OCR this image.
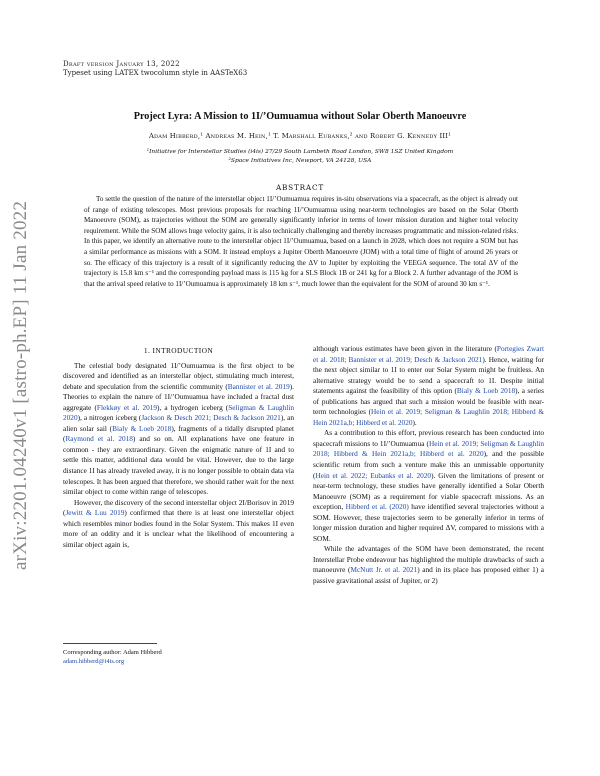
arXiv:2201.04240v1 [astro-ph.EP] 11 Jan 2022
Draft version January 13, 2022
Typeset using LATEX twocolumn style in AASTeX63
Project Lyra: A Mission to 1I/’Oumuamua without Solar Oberth Manoeuvre
Adam Hibberd,¹ Andreas M. Hein,¹ T. Marshall Eubanks,² and Robert G. Kennedy III¹
¹Initiative for Interstellar Studies (i4is) 27/29 South Lambeth Road London, SW8 1SZ United Kingdom
²Space Initiatives Inc, Newport, VA 24128, USA
ABSTRACT
To settle the question of the nature of the interstellar object 1I/’Oumuamua requires in-situ observations via a spacecraft, as the object is already out of range of existing telescopes. Most previous proposals for reaching 1I/’Oumuamua using near-term technologies are based on the Solar Oberth Manoeuvre (SOM), as trajectories without the SOM are generally significantly inferior in terms of lower mission duration and higher total velocity requirement. While the SOM allows huge velocity gains, it is also technically challenging and thereby increases programmatic and mission-related risks. In this paper, we identify an alternative route to the interstellar object 1I/’Oumuamua, based on a launch in 2028, which does not require a SOM but has a similar performance as missions with a SOM. It instead employs a Jupiter Oberth Manoeuvre (JOM) with a total time of flight of around 26 years or so. The efficacy of this trajectory is a result of it significantly reducing the ΔV to Jupiter by exploiting the VEEGA sequence. The total ΔV of the trajectory is 15.8 km s⁻¹ and the corresponding payload mass is 115 kg for a SLS Block 1B or 241 kg for a Block 2. A further advantage of the JOM is that the arrival speed relative to 1I/’Oumuamua is approximately 18 km s⁻¹, much lower than the equivalent for the SOM of around 30 km s⁻¹.
1. INTRODUCTION

The celestial body designated 1I/’Oumuamua is the first object to be discovered and identified as an interstellar object, stimulating much interest, debate and speculation from the scientific community (Bannister et al. 2019). Theories to explain the nature of 1I/’Oumuamua have included a fractal dust aggregate (Flekkøy et al. 2019), a hydrogen iceberg (Seligman & Laughlin 2020), a nitrogen iceberg (Jackson & Desch 2021; Desch & Jackson 2021), an alien solar sail (Bialy & Loeb 2018), fragments of a tidally disrupted planet (Raymond et al. 2018) and so on. All explanations have one feature in common - they are extraordinary. Given the enigmatic nature of 1I and to settle this matter, additional data would be vital. However, due to the large distance 1I has already traveled away, it is no longer possible to obtain data via telescopes. It has been argued that therefore, we should rather wait for the next similar object to come within range of telescopes.

However, the discovery of the second interstellar object 2I/Borisov in 2019 (Jewitt & Luu 2019) confirmed that there is at least one interstellar object which resembles minor bodies found in the Solar System. This makes 1I even more of an oddity and it is unclear what the likelihood of encountering a similar object again is,

although various estimates have been given in the literature (Portegies Zwart et al. 2018; Bannister et al. 2019; Desch & Jackson 2021). Hence, waiting for the next object similar to 1I to enter our Solar System might be fruitless. An alternative strategy would be to send a spacecraft to 1I. Despite initial statements against the feasibility of this option (Bialy & Loeb 2018), a series of publications has argued that such a mission would be feasible with near-term technologies (Hein et al. 2019; Seligman & Laughlin 2018; Hibberd & Hein 2021a,b; Hibberd et al. 2020).

As a contribution to this effort, previous research has been conducted into spacecraft missions to 1I/’Oumuamua (Hein et al. 2019; Seligman & Laughlin 2018; Hibberd & Hein 2021a,b; Hibberd et al. 2020), and the possible scientific return from such a venture make this an unmissable opportunity (Hein et al. 2022; Eubanks et al. 2020). Given the limitations of present or near-term technology, these studies have generally identified a Solar Oberth Manoeuvre (SOM) as a requirement for viable spacecraft missions. As an exception, Hibberd et al. (2020) have identified several trajectories without a SOM. However, these trajectories seem to be generally inferior in terms of longer mission duration and higher required ΔV, compared to missions with a SOM.

While the advantages of the SOM have been demonstrated, the recent Interstellar Probe endeavour has highlighted the multiple drawbacks of such a manoeuvre (McNutt Jr. et al. 2021) and in its place has proposed either 1) a passive gravitational assist of Jupiter, or 2)

Corresponding author: Adam Hibberd
adam.hibberd@i4is.org
